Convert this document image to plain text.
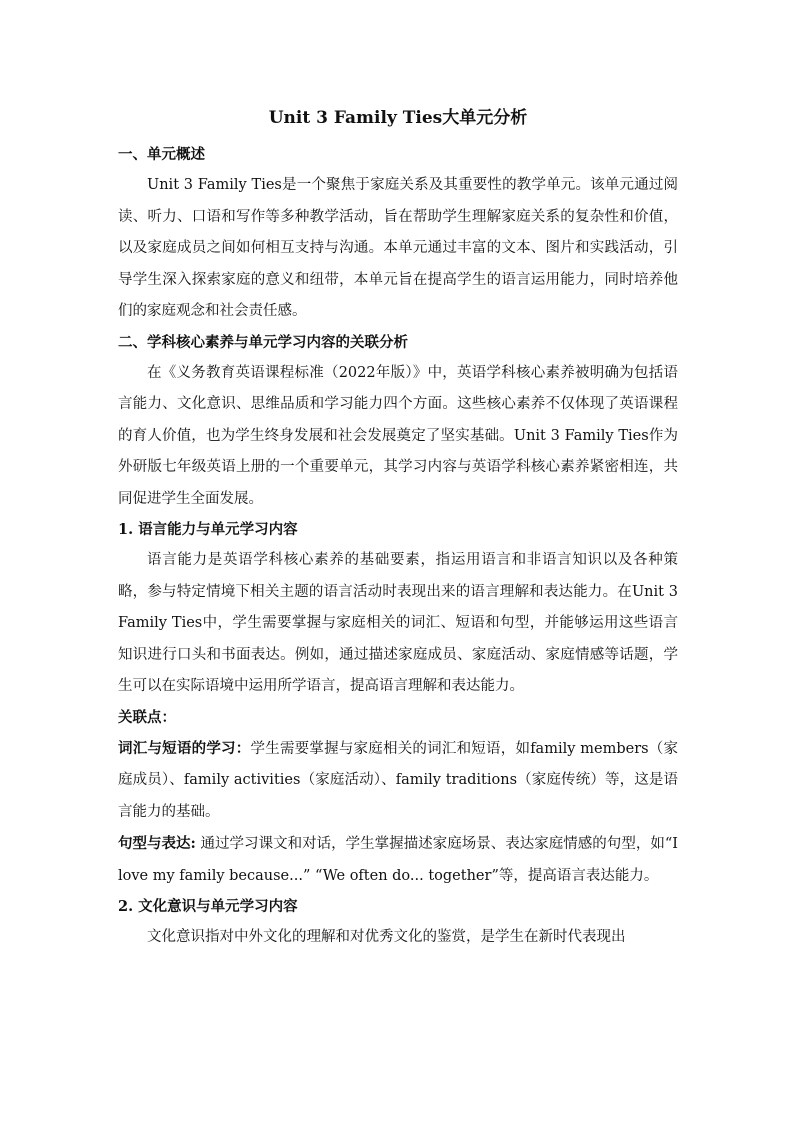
Unit 3 Family Ties大单元分析
一、单元概述

Unit 3 Family Ties是一个聚焦于家庭关系及其重要性的教学单元。该单元通过阅读、听力、口语和写作等多种教学活动，旨在帮助学生理解家庭关系的复杂性和价值，以及家庭成员之间如何相互支持与沟通。本单元通过丰富的文本、图片和实践活动，引导学生深入探索家庭的意义和纽带，本单元旨在提高学生的语言运用能力，同时培养他们的家庭观念和社会责任感。

二、学科核心素养与单元学习内容的关联分析

在《义务教育英语课程标准（2022年版）》中，英语学科核心素养被明确为包括语言能力、文化意识、思维品质和学习能力四个方面。这些核心素养不仅体现了英语课程的育人价值，也为学生终身发展和社会发展奠定了坚实基础。Unit 3 Family Ties作为外研版七年级英语上册的一个重要单元，其学习内容与英语学科核心素养紧密相连，共同促进学生全面发展。

1. 语言能力与单元学习内容

语言能力是英语学科核心素养的基础要素，指运用语言和非语言知识以及各种策略，参与特定情境下相关主题的语言活动时表现出来的语言理解和表达能力。在Unit 3 Family Ties中，学生需要掌握与家庭相关的词汇、短语和句型，并能够运用这些语言知识进行口头和书面表达。例如，通过描述家庭成员、家庭活动、家庭情感等话题，学生可以在实际语境中运用所学语言，提高语言理解和表达能力。

关联点：

词汇与短语的学习：学生需要掌握与家庭相关的词汇和短语，如family members（家庭成员）、family activities（家庭活动）、family traditions（家庭传统）等，这是语言能力的基础。

句型与表达: 通过学习课文和对话，学生掌握描述家庭场景、表达家庭情感的句型，如“I love my family because...” “We often do... together”等，提高语言表达能力。

2. 文化意识与单元学习内容

文化意识指对中外文化的理解和对优秀文化的鉴赏，是学生在新时代表现出
